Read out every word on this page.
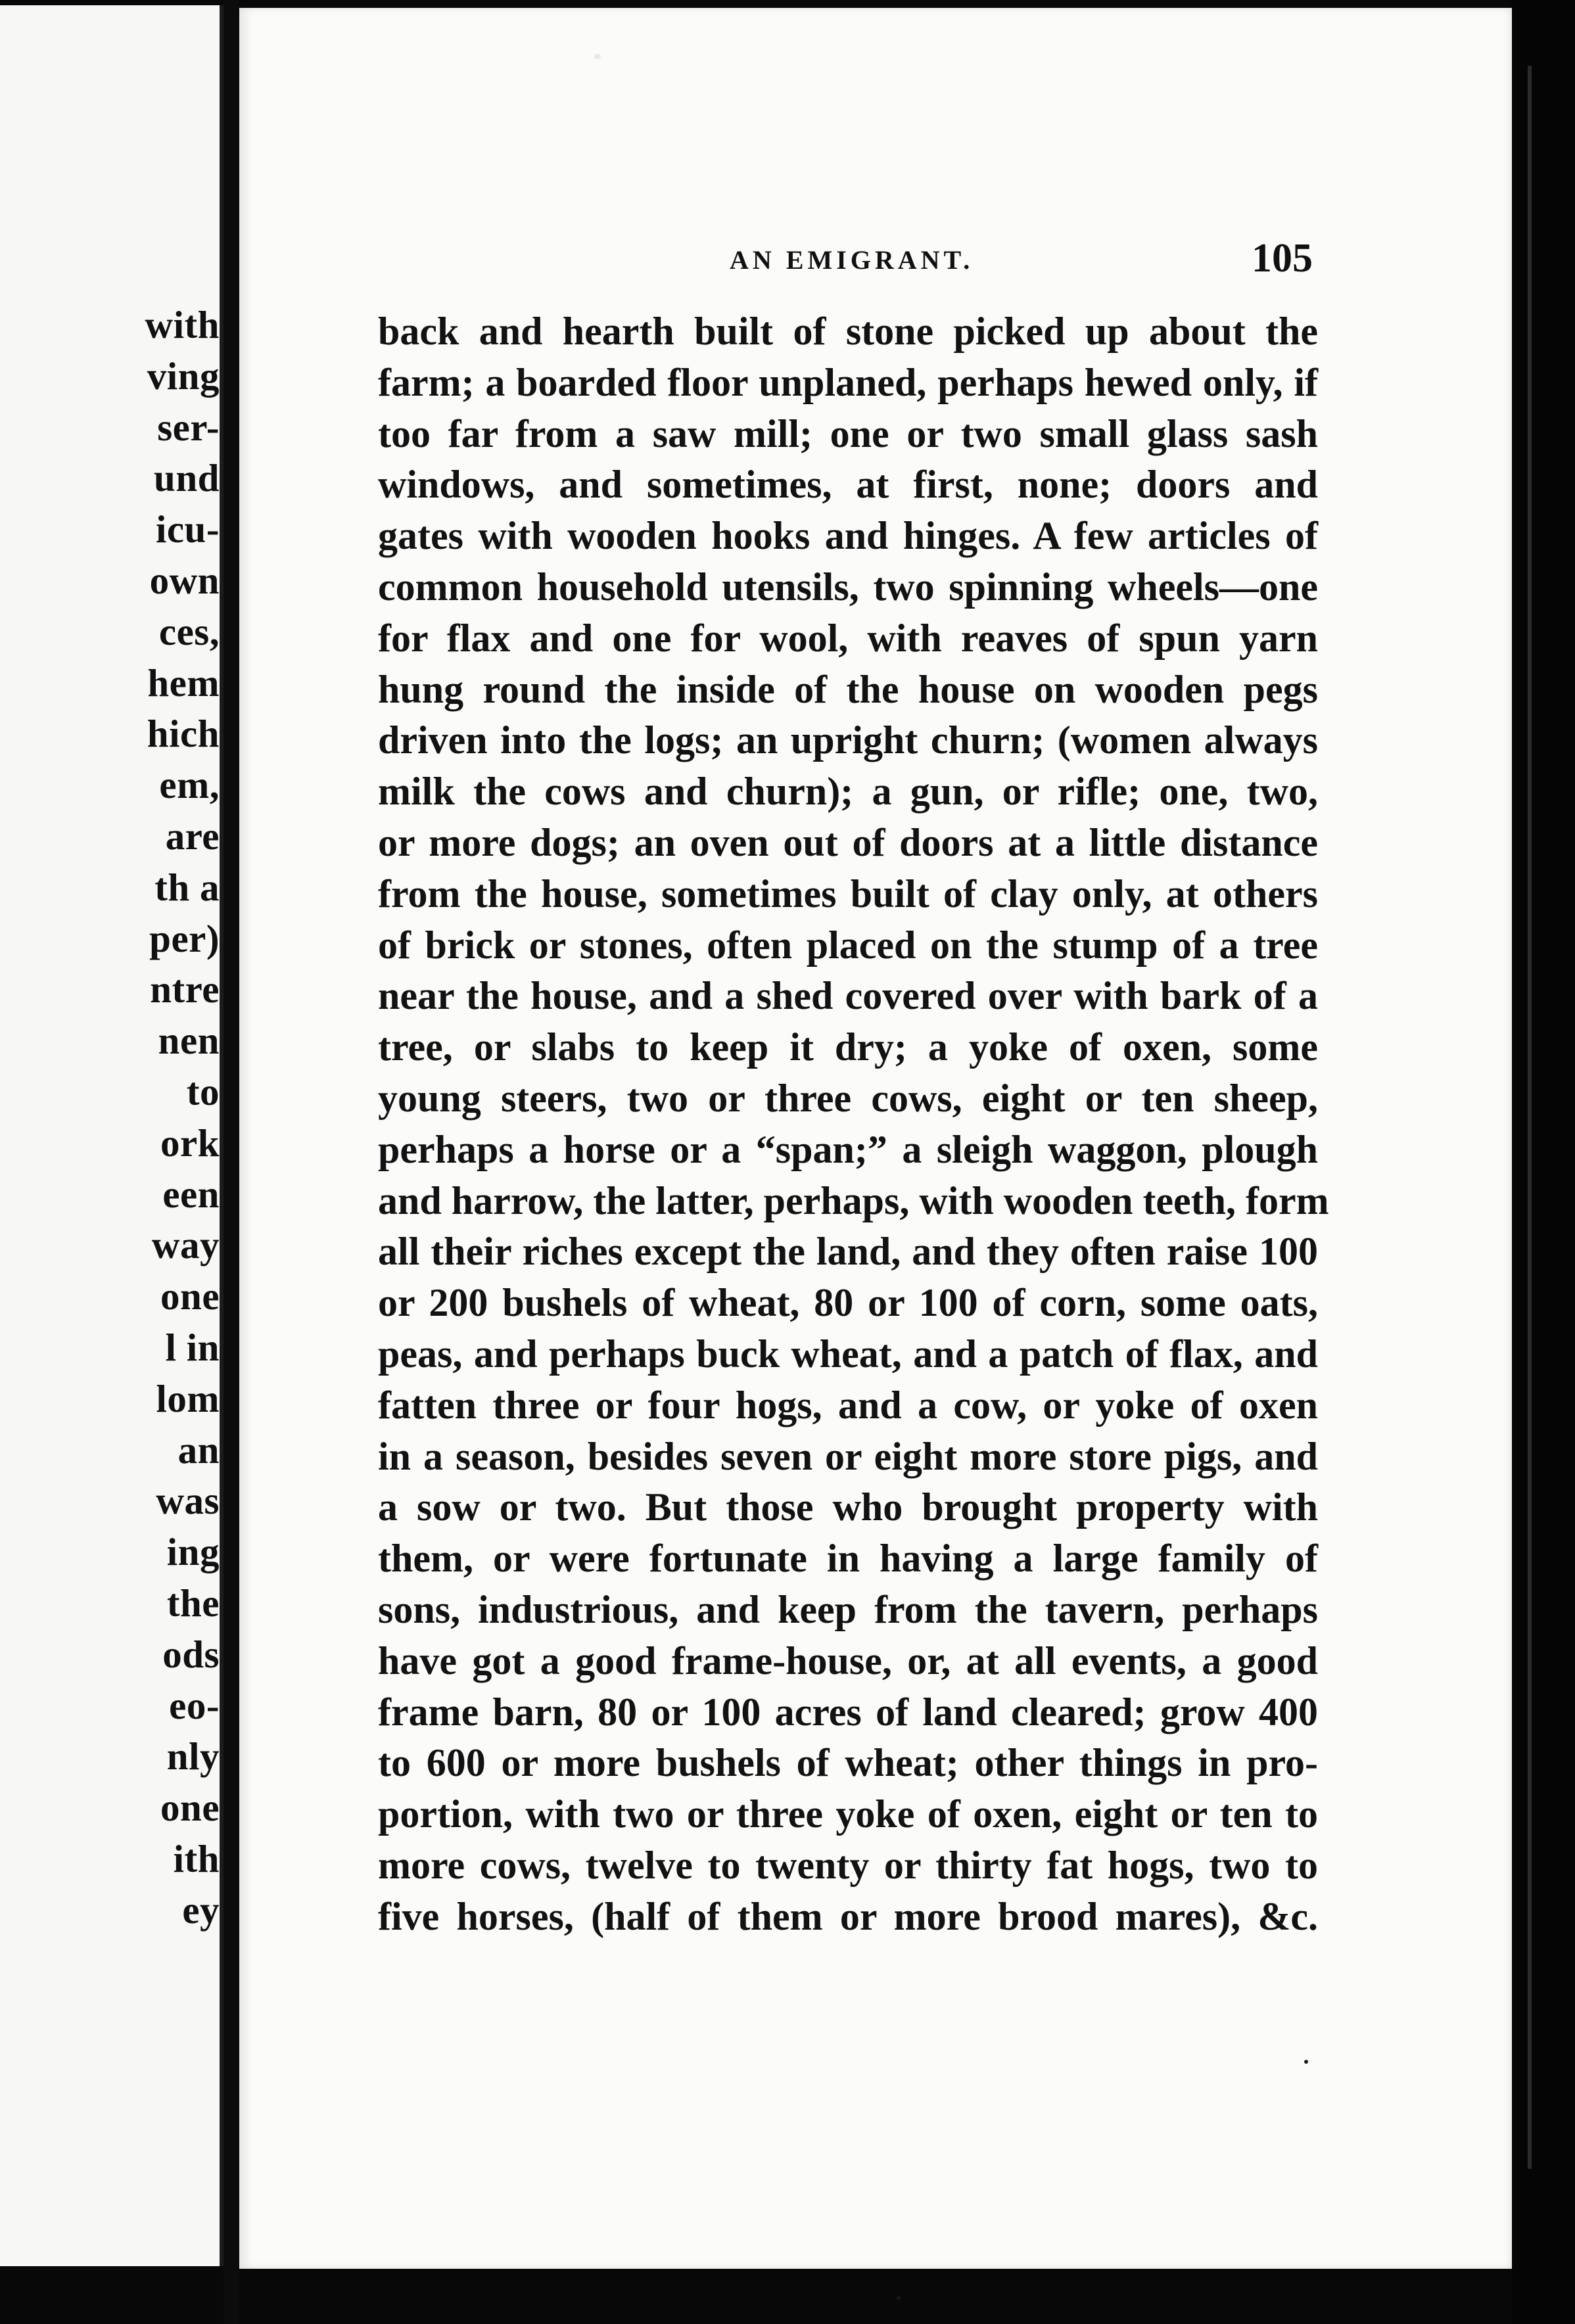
with
ving
ser-
und
icu-
own
ces,
hem
hich
em,
are
th a
per)
ntre
nen
to
ork
een
way
one
l in
lom
an
was
ing
the
ods
eo-
nly
one
ith
ey
AN EMIGRANT.	105
back and hearth built of stone picked up about the
farm; a boarded floor unplaned, perhaps hewed only, if
too far from a saw mill; one or two small glass sash
windows, and sometimes, at first, none; doors and
gates with wooden hooks and hinges. A few articles of
common household utensils, two spinning wheels—one
for flax and one for wool, with reaves of spun yarn
hung round the inside of the house on wooden pegs
driven into the logs; an upright churn; (women always
milk the cows and churn); a gun, or rifle; one, two,
or more dogs; an oven out of doors at a little distance
from the house, sometimes built of clay only, at others
of brick or stones, often placed on the stump of a tree
near the house, and a shed covered over with bark of a
tree, or slabs to keep it dry; a yoke of oxen, some
young steers, two or three cows, eight or ten sheep,
perhaps a horse or a “span;” a sleigh waggon, plough
and harrow, the latter, perhaps, with wooden teeth, form
all their riches except the land, and they often raise 100
or 200 bushels of wheat, 80 or 100 of corn, some oats,
peas, and perhaps buck wheat, and a patch of flax, and
fatten three or four hogs, and a cow, or yoke of oxen
in a season, besides seven or eight more store pigs, and
a sow or two. But those who brought property with
them, or were fortunate in having a large family of
sons, industrious, and keep from the tavern, perhaps
have got a good frame-house, or, at all events, a good
frame barn, 80 or 100 acres of land cleared; grow 400
to 600 or more bushels of wheat; other things in pro-
portion, with two or three yoke of oxen, eight or ten to
more cows, twelve to twenty or thirty fat hogs, two to
five horses, (half of them or more brood mares), &c.
